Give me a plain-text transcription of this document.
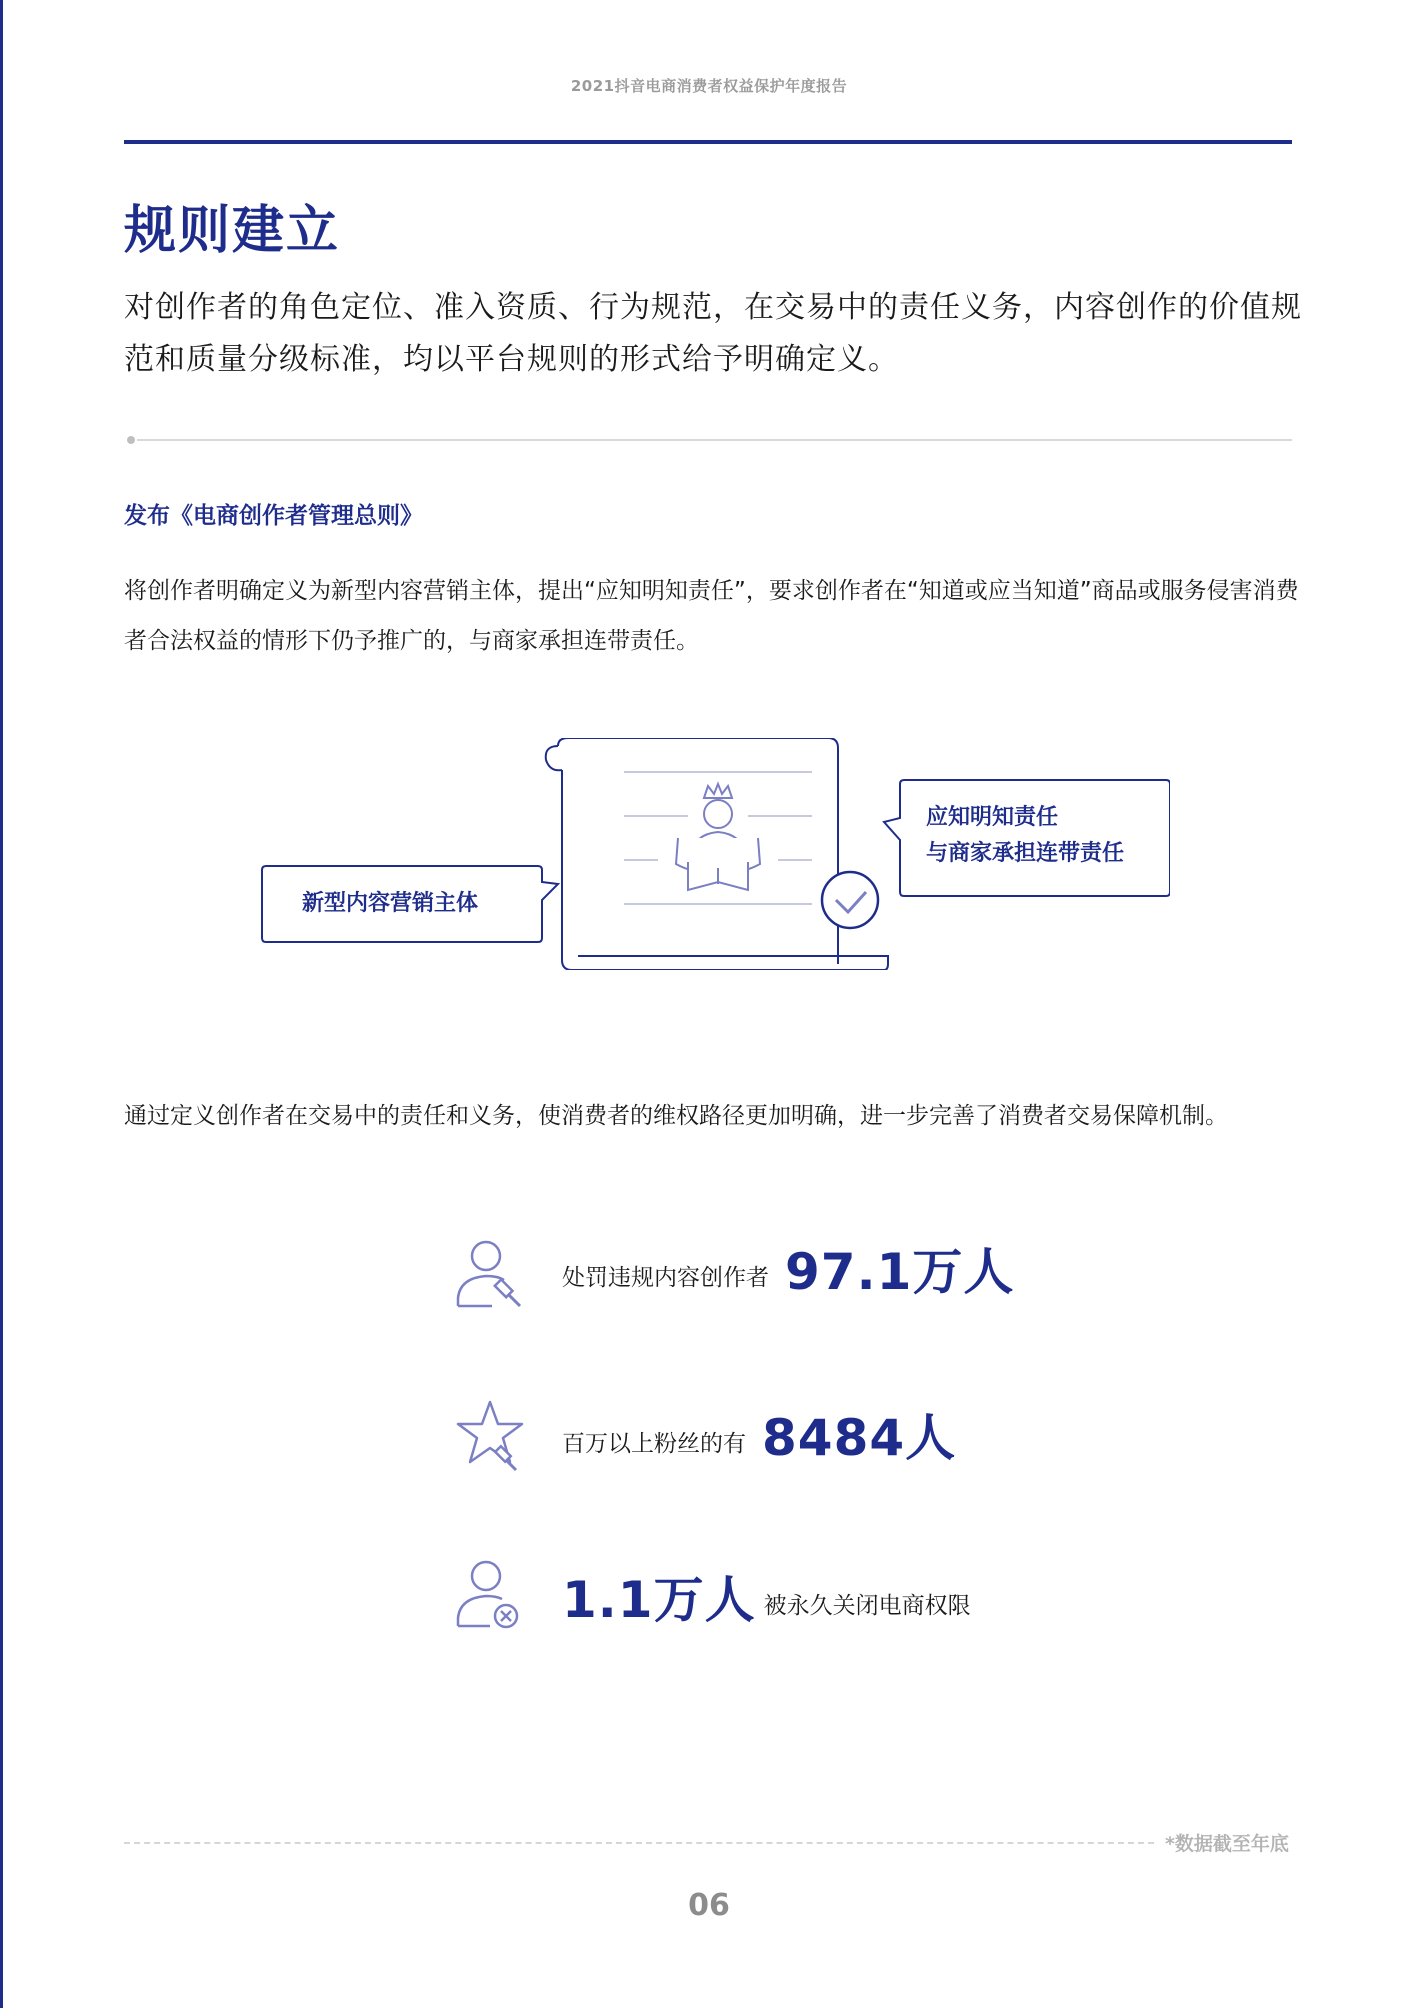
2021抖音电商消费者权益保护年度报告
规则建立
对创作者的角色定位、准入资质、行为规范，在交易中的责任义务，内容创作的价值规范和质量分级标准，均以平台规则的形式给予明确定义。
发布《电商创作者管理总则》
将创作者明确定义为新型内容营销主体，提出“应知明知责任”，要求创作者在“知道或应当知道”商品或服务侵害消费者合法权益的情形下仍予推广的，与商家承担连带责任。
新型内容营销主体
应知明知责任
与商家承担连带责任
通过定义创作者在交易中的责任和义务，使消费者的维权路径更加明确，进一步完善了消费者交易保障机制。
处罚违规内容创作者 97.1万人
百万以上粉丝的有 8484人
1.1万人 被永久关闭电商权限
*数据截至年底
06
